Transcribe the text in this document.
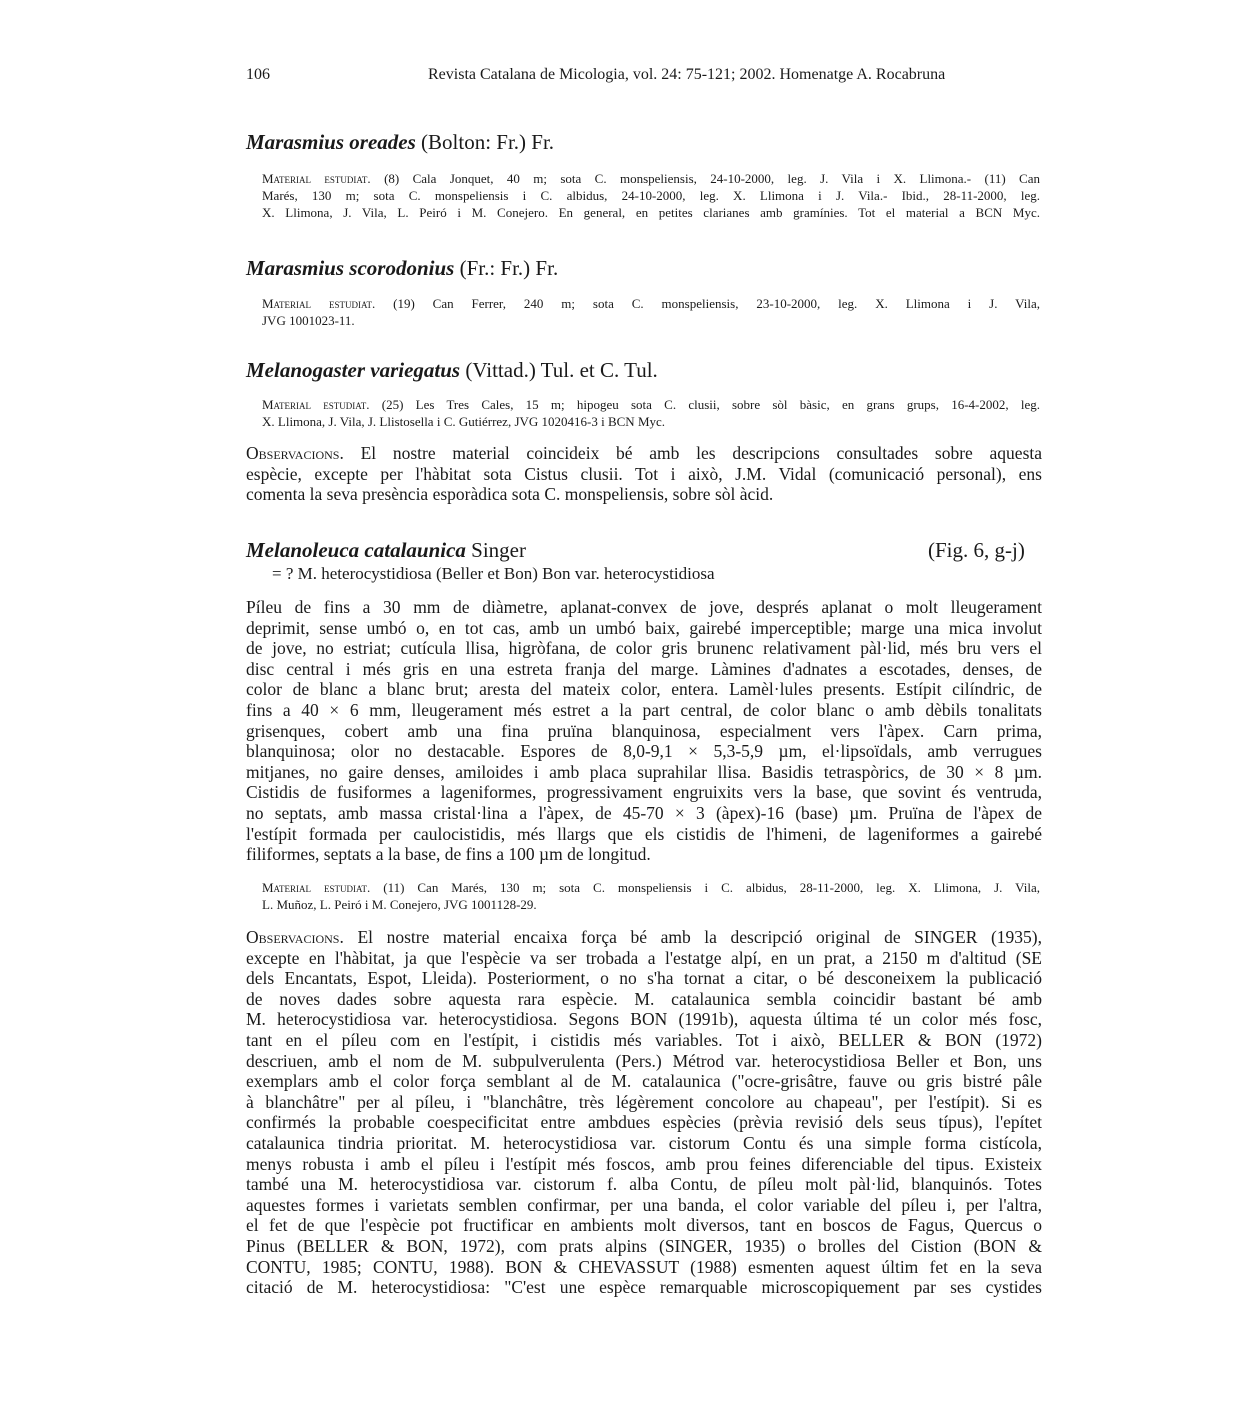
106	Revista Catalana de Micologia, vol. 24: 75-121; 2002. Homenatge A. Rocabruna
Marasmius oreades (Bolton: Fr.) Fr.
Material estudiat. (8) Cala Jonquet, 40 m; sota C. monspeliensis, 24-10-2000, leg. J. Vila i X. Llimona.- (11) Can
Marés, 130 m; sota C. monspeliensis i C. albidus, 24-10-2000, leg. X. Llimona i J. Vila.- Ibid., 28-11-2000, leg.
X. Llimona, J. Vila, L. Peiró i M. Conejero. En general, en petites clarianes amb gramínies. Tot el material a BCN Myc.
Marasmius scorodonius (Fr.: Fr.) Fr.
Material estudiat. (19) Can Ferrer, 240 m; sota C. monspeliensis, 23-10-2000, leg. X. Llimona i J. Vila,
JVG 1001023-11.
Melanogaster variegatus (Vittad.) Tul. et C. Tul.
Material estudiat. (25) Les Tres Cales, 15 m; hipogeu sota C. clusii, sobre sòl bàsic, en grans grups, 16-4-2002, leg.
X. Llimona, J. Vila, J. Llistosella i C. Gutiérrez, JVG 1020416-3 i BCN Myc.
Observacions. El nostre material coincideix bé amb les descripcions consultades sobre aquesta
espècie, excepte per l'hàbitat sota Cistus clusii. Tot i això, J.M. Vidal (comunicació personal), ens
comenta la seva presència esporàdica sota C. monspeliensis, sobre sòl àcid.
Melanoleuca catalaunica Singer	(Fig. 6, g-j)
= ? M. heterocystidiosa (Beller et Bon) Bon var. heterocystidiosa
Píleu de fins a 30 mm de diàmetre, aplanat-convex de jove, després aplanat o molt lleugerament
deprimit, sense umbó o, en tot cas, amb un umbó baix, gairebé imperceptible; marge una mica involut
de jove, no estriat; cutícula llisa, higròfana, de color gris brunenc relativament pàl·lid, més bru vers el
disc central i més gris en una estreta franja del marge. Làmines d'adnates a escotades, denses, de
color de blanc a blanc brut; aresta del mateix color, entera. Lamèl·lules presents. Estípit cilíndric, de
fins a 40 × 6 mm, lleugerament més estret a la part central, de color blanc o amb dèbils tonalitats
grisenques, cobert amb una fina pruïna blanquinosa, especialment vers l'àpex. Carn prima,
blanquinosa; olor no destacable. Espores de 8,0-9,1 × 5,3-5,9 µm, el·lipsoïdals, amb verrugues
mitjanes, no gaire denses, amiloides i amb placa suprahilar llisa. Basidis tetraspòrics, de 30 × 8 µm.
Cistidis de fusiformes a lageniformes, progressivament engruixits vers la base, que sovint és ventruda,
no septats, amb massa cristal·lina a l'àpex, de 45-70 × 3 (àpex)-16 (base) µm. Pruïna de l'àpex de
l'estípit formada per caulocistidis, més llargs que els cistidis de l'himeni, de lageniformes a gairebé
filiformes, septats a la base, de fins a 100 µm de longitud.
Material estudiat. (11) Can Marés, 130 m; sota C. monspeliensis i C. albidus, 28-11-2000, leg. X. Llimona, J. Vila,
L. Muñoz, L. Peiró i M. Conejero, JVG 1001128-29.
Observacions. El nostre material encaixa força bé amb la descripció original de SINGER (1935),
excepte en l'hàbitat, ja que l'espècie va ser trobada a l'estatge alpí, en un prat, a 2150 m d'altitud (SE
dels Encantats, Espot, Lleida). Posteriorment, o no s'ha tornat a citar, o bé desconeixem la publicació
de noves dades sobre aquesta rara espècie. M. catalaunica sembla coincidir bastant bé amb
M. heterocystidiosa var. heterocystidiosa. Segons BON (1991b), aquesta última té un color més fosc,
tant en el píleu com en l'estípit, i cistidis més variables. Tot i això, BELLER & BON (1972)
descriuen, amb el nom de M. subpulverulenta (Pers.) Métrod var. heterocystidiosa Beller et Bon, uns
exemplars amb el color força semblant al de M. catalaunica ("ocre-grisâtre, fauve ou gris bistré pâle
à blanchâtre" per al píleu, i "blanchâtre, très légèrement concolore au chapeau", per l'estípit). Si es
confirmés la probable coespecificitat entre ambdues espècies (prèvia revisió dels seus típus), l'epítet
catalaunica tindria prioritat. M. heterocystidiosa var. cistorum Contu és una simple forma cistícola,
menys robusta i amb el píleu i l'estípit més foscos, amb prou feines diferenciable del tipus. Existeix
també una M. heterocystidiosa var. cistorum f. alba Contu, de píleu molt pàl·lid, blanquinós. Totes
aquestes formes i varietats semblen confirmar, per una banda, el color variable del píleu i, per l'altra,
el fet de que l'espècie pot fructificar en ambients molt diversos, tant en boscos de Fagus, Quercus o
Pinus (BELLER & BON, 1972), com prats alpins (SINGER, 1935) o brolles del Cistion (BON &
CONTU, 1985; CONTU, 1988). BON & CHEVASSUT (1988) esmenten aquest últim fet en la seva
citació de M. heterocystidiosa: "C'est une espèce remarquable microscopiquement par ses cystides
